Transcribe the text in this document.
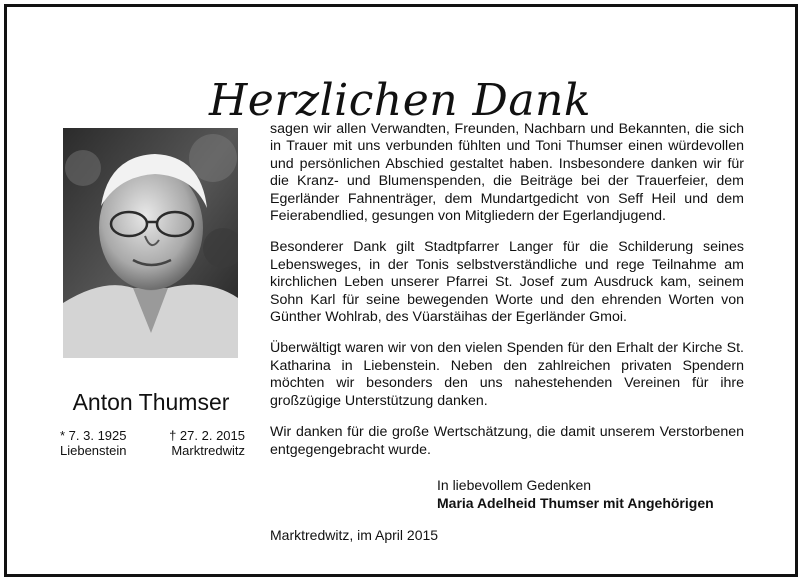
Herzlichen Dank
Anton Thumser
* 7. 3. 1925
Liebenstein
† 27. 2. 2015
Marktredwitz

sagen wir allen Verwandten, Freunden, Nachbarn und Bekannten, die sich in Trauer mit uns verbunden fühlten und Toni Thumser einen würdevollen und persönlichen Abschied gestaltet haben. Insbesondere danken wir für die Kranz- und Blumenspenden, die Beiträge bei der Trauerfeier, dem Egerländer Fahnenträger, dem Mundartgedicht von Seff Heil und dem Feierabendlied, gesungen von Mitgliedern der Egerlandjugend.

Besonderer Dank gilt Stadtpfarrer Langer für die Schilderung seines Lebensweges, in der Tonis selbstverständliche und rege Teilnahme am kirchlichen Leben unserer Pfarrei St. Josef zum Ausdruck kam, seinem Sohn Karl für seine bewegenden Worte und den ehrenden Worten von Günther Wohlrab, des Vüarstäihas der Egerländer Gmoi.

Überwältigt waren wir von den vielen Spenden für den Erhalt der Kirche St. Katharina in Liebenstein. Neben den zahlreichen privaten Spendern möchten wir besonders den uns nahestehenden Vereinen für ihre großzügige Unterstützung danken.

Wir danken für die große Wertschätzung, die damit unserem Verstorbenen entgegengebracht wurde.

In liebevollem Gedenken
Maria Adelheid Thumser mit Angehörigen
Marktredwitz, im April 2015
